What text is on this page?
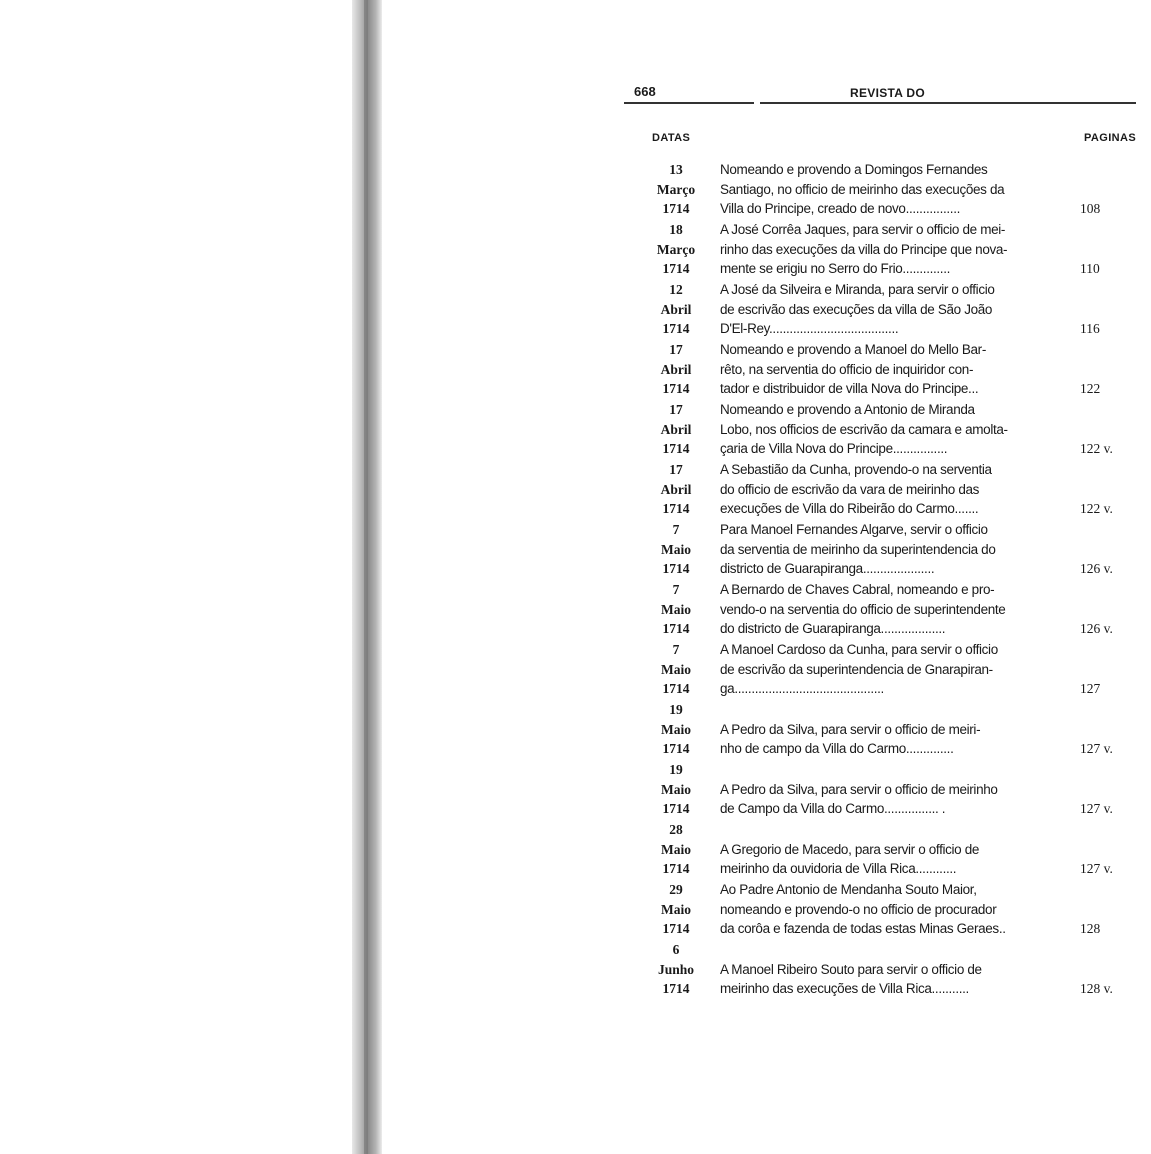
668	REVISTA DO
DATAS	PAGINAS
13
Março
1714
Nomeando e provendo a Domingos Fernandes
Santiago, no officio de meirinho das execuções da
Villa do Principe, creado de novo................	108
18
Março
1714
A José Corrêa Jaques, para servir o officio de mei-
rinho das execuções da villa do Principe que nova-
mente se erigiu no Serro do Frio..............	110
12
Abril
1714
A José da Silveira e Miranda, para servir o officio
de escrivão das execuções da villa de São João
D'El-Rey......................................	116
17
Abril
1714
Nomeando e provendo a Manoel do Mello Bar-
rêto, na serventia do officio de inquiridor con-
tador e distribuidor de villa Nova do Principe...	122
17
Abril
1714
Nomeando e provendo a Antonio de Miranda
Lobo, nos officios de escrivão da camara e amolta-
çaria de Villa Nova do Principe................	122 v.
17
Abril
1714
A Sebastião da Cunha, provendo-o na serventia
do officio de escrivão da vara de meirinho das
execuções de Villa do Ribeirão do Carmo.......	122 v.
7
Maio
1714
Para Manoel Fernandes Algarve, servir o officio
da serventia de meirinho da superintendencia do
districto de Guarapiranga.....................	126 v.
7
Maio
1714
A Bernardo de Chaves Cabral, nomeando e pro-
vendo-o na serventia do officio de superintendente
do districto de Guarapiranga...................	126 v.
7
Maio
1714
A Manoel Cardoso da Cunha, para servir o officio
de escrivão da superintendencia de Gnarapiran-
ga............................................	127
19
Maio
1714
A Pedro da Silva, para servir o officio de meiri-
nho de campo da Villa do Carmo..............	127 v.
19
Maio
1714
A Pedro da Silva, para servir o officio de meirinho
de Campo da Villa do Carmo................ .	127 v.
28
Maio
1714
A Gregorio de Macedo, para servir o officio de
meirinho da ouvidoria de Villa Rica............	127 v.
29
Maio
1714
Ao Padre Antonio de Mendanha Souto Maior,
nomeando e provendo-o no officio de procurador
da corôa e fazenda de todas estas Minas Geraes..	128
6
Junho
1714
A Manoel Ribeiro Souto para servir o officio de
meirinho das execuções de Villa Rica...........	128 v.
